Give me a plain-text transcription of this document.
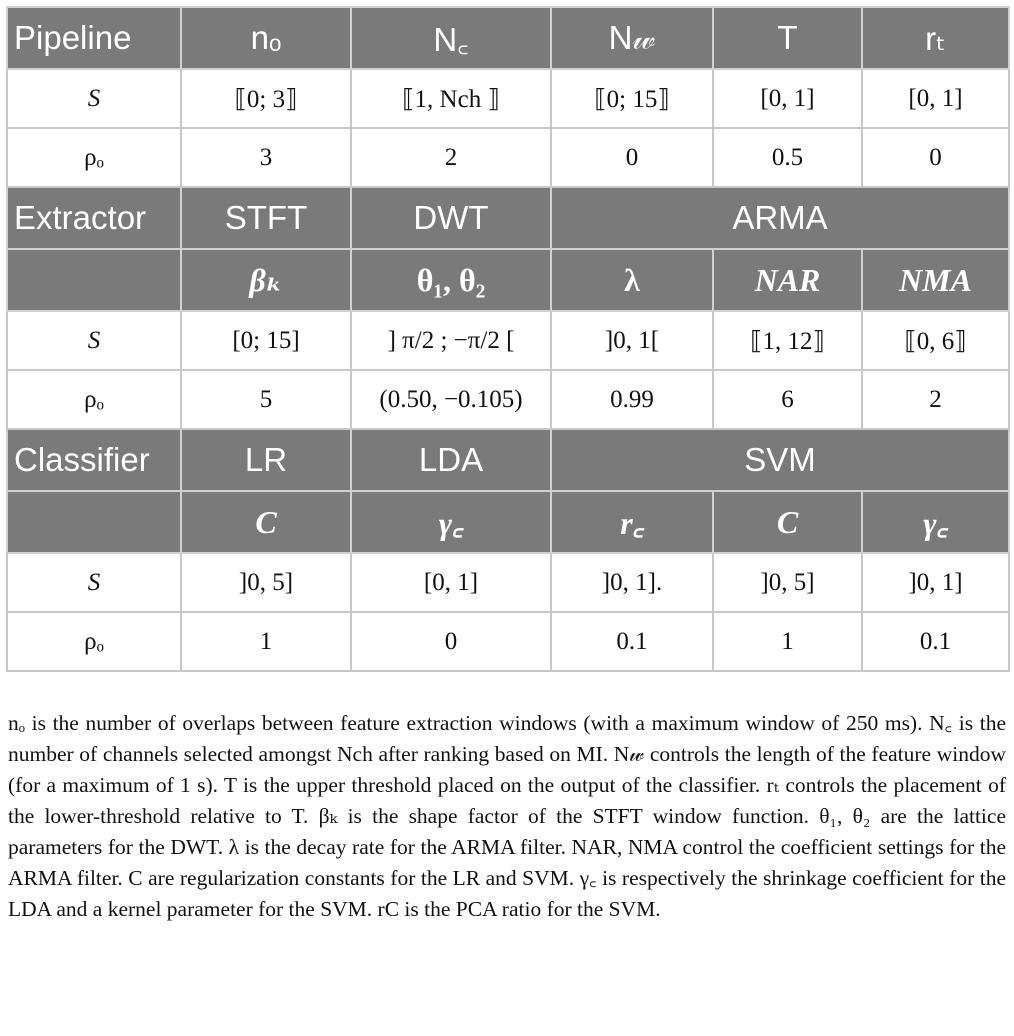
Pipeline	nₒ	N꜀	N𝓌	T	rₜ
S	⟦0; 3⟧	⟦1, Nch ⟧	⟦0; 15⟧	[0, 1]	[0, 1]
ρₒ	3	2	0	0.5	0
Extractor	STFT	DWT	ARMA		
	βₖ	θ₁, θ₂	λ	NAR	NMA
S	[0; 15]	] π/2 ; −π/2 [	]0, 1[	⟦1, 12⟧	⟦0, 6⟧
ρₒ	5	(0.50, −0.105)	0.99	6	2
Classifier	LR	LDA	SVM		
	C	γ꜀	r꜀	C	γ꜀
S	]0, 5]	[0, 1]	]0, 1].	]0, 5]	]0, 1]
ρₒ	1	0	0.1	1	0.1

nₒ is the number of overlaps between feature extraction windows (with a maximum window of 250 ms). N꜀ is the number of channels selected amongst Nch after ranking based on MI. N𝓌 controls the length of the feature window (for a maximum of 1 s). T is the upper threshold placed on the output of the classifier. rₜ controls the placement of the lower-threshold relative to T. βₖ is the shape factor of the STFT window function. θ₁, θ₂ are the lattice parameters for the DWT. λ is the decay rate for the ARMA filter. NAR, NMA control the coefficient settings for the ARMA filter. C are regularization constants for the LR and SVM. γ꜀ is respectively the shrinkage coefficient for the LDA and a kernel parameter for the SVM. rC is the PCA ratio for the SVM.
